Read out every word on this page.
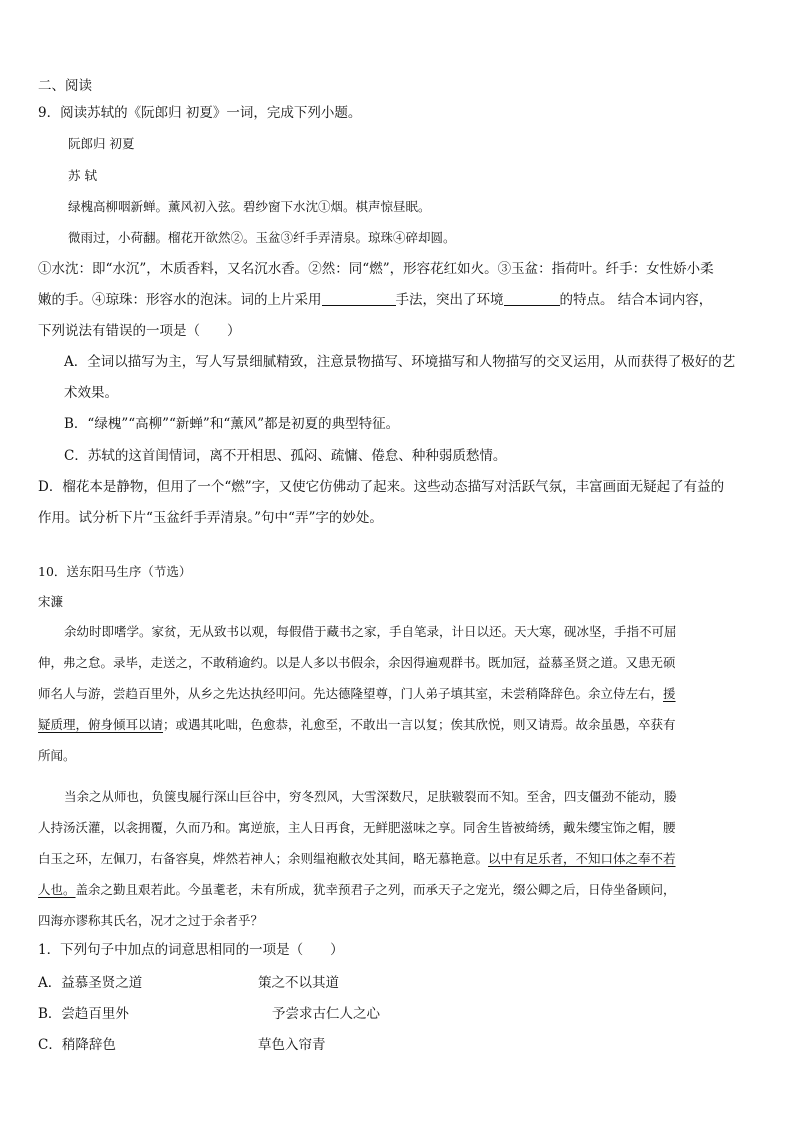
二、阅读
9．阅读苏轼的《阮郎归 初夏》一词，完成下列小题。
阮郎归 初夏
苏 轼
绿槐高柳咽新蝉。薰风初入弦。碧纱窗下水沈①烟。棋声惊昼眠。
微雨过，小荷翻。榴花开欲然②。玉盆③纤手弄清泉。琼珠④碎却圆。
①水沈：即“水沉”，木质香料，又名沉水香。②然：同“燃”，形容花红如火。③玉盆：指荷叶。纤手：女性娇小柔
嫩的手。④琼珠：形容水的泡沫。词的上片采用	手法，突出了环境	的特点。 结合本词内容，
下列说法有错误的一项是（　　）
A．全词以描写为主，写人写景细腻精致，注意景物描写、环境描写和人物描写的交叉运用，从而获得了极好的艺
术效果。
B．“绿槐”“高柳”“新蝉”和“薰风”都是初夏的典型特征。
C．苏轼的这首闺情词，离不开相思、孤闷、疏慵、倦怠、种种弱质愁情。
D．榴花本是静物，但用了一个“燃”字，又使它仿佛动了起来。这些动态描写对活跃气氛，丰富画面无疑起了有益的
作用。试分析下片“玉盆纤手弄清泉。”句中“弄”字的妙处。
10．送东阳马生序（节选）
宋濂
余幼时即嗜学。家贫，无从致书以观，每假借于藏书之家，手自笔录，计日以还。天大寒，砚冰坚，手指不可屈
伸，弗之怠。录毕，走送之，不敢稍逾约。以是人多以书假余，余因得遍观群书。既加冠，益慕圣贤之道。又患无硕
师名人与游，尝趋百里外，从乡之先达执经叩问。先达德隆望尊，门人弟子填其室，未尝稍降辞色。余立侍左右，援
疑质理，俯身倾耳以请；或遇其叱咄，色愈恭，礼愈至，不敢出一言以复；俟其欣悦，则又请焉。故余虽愚，卒获有
所闻。
当余之从师也，负箧曳屣行深山巨谷中，穷冬烈风，大雪深数尺，足肤皲裂而不知。至舍，四支僵劲不能动，媵
人持汤沃灌，以衾拥覆，久而乃和。寓逆旅，主人日再食，无鲜肥滋味之享。同舍生皆被绮绣，戴朱缨宝饰之帽，腰
白玉之环，左佩刀，右备容臭，烨然若神人；余则缊袍敝衣处其间，略无慕艳意。以中有足乐者，不知口体之奉不若
人也。盖余之勤且艰若此。今虽耄老，未有所成，犹幸预君子之列，而承天子之宠光，缀公卿之后，日侍坐备顾问，
四海亦谬称其氏名，况才之过于余者乎？
1．下列句子中加点的词意思相同的一项是（　　）
A．益慕圣贤之道	策之不以其道
B．尝趋百里外	予尝求古仁人之心
C．稍降辞色	草色入帘青
